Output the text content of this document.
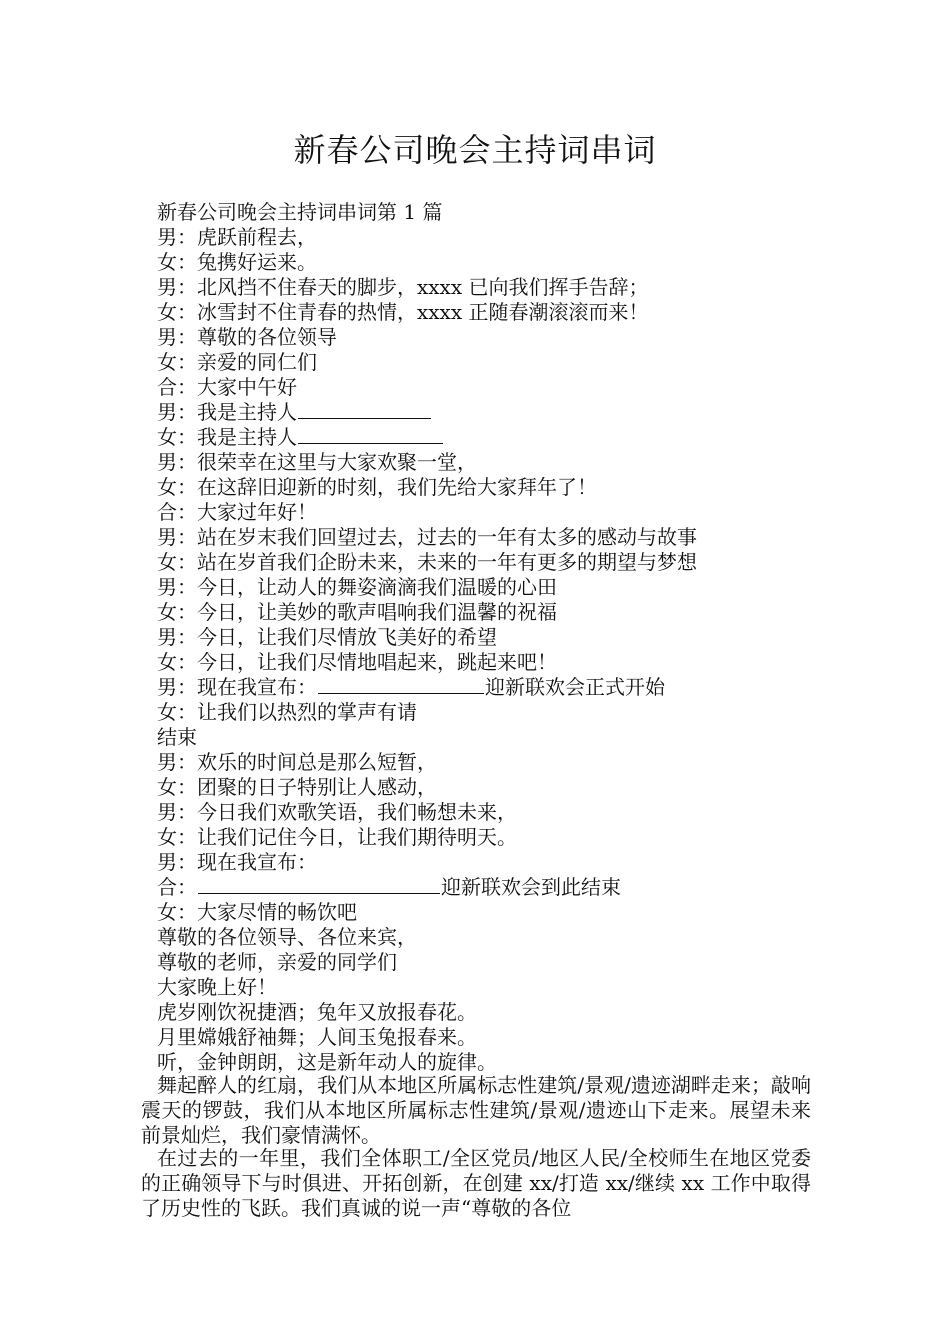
新春公司晚会主持词串词
新春公司晚会主持词串词第 1 篇
男：虎跃前程去，
女：兔携好运来。
男：北风挡不住春天的脚步，xxxx 已向我们挥手告辞；
女：冰雪封不住青春的热情，xxxx 正随春潮滚滚而来！
男：尊敬的各位领导
女：亲爱的同仁们
合：大家中午好
男：我是主持人
女：我是主持人
男：很荣幸在这里与大家欢聚一堂，
女：在这辞旧迎新的时刻，我们先给大家拜年了！
合：大家过年好！
男：站在岁末我们回望过去，过去的一年有太多的感动与故事
女：站在岁首我们企盼未来，未来的一年有更多的期望与梦想
男：今日，让动人的舞姿滴滴我们温暖的心田
女：今日，让美妙的歌声唱响我们温馨的祝福
男：今日，让我们尽情放飞美好的希望
女：今日，让我们尽情地唱起来，跳起来吧！
男：现在我宣布：	迎新联欢会正式开始
女：让我们以热烈的掌声有请
结束
男：欢乐的时间总是那么短暂，
女：团聚的日子特别让人感动，
男：今日我们欢歌笑语，我们畅想未来，
女：让我们记住今日，让我们期待明天。
男：现在我宣布：
合：	迎新联欢会到此结束
女：大家尽情的畅饮吧
尊敬的各位领导、各位来宾，
尊敬的老师，亲爱的同学们
大家晚上好！
虎岁刚饮祝捷酒；兔年又放报春花。
月里嫦娥舒袖舞；人间玉兔报春来。
听，金钟朗朗，这是新年动人的旋律。
舞起醉人的红扇，我们从本地区所属标志性建筑/景观/遗迹湖畔走来；敲响震天的锣鼓，我们从本地区所属标志性建筑/景观/遗迹山下走来。展望未来前景灿烂，我们豪情满怀。
在过去的一年里，我们全体职工/全区党员/地区人民/全校师生在地区党委的正确领导下与时俱进、开拓创新，在创建 xx/打造 xx/继续 xx 工作中取得了历史性的飞跃。我们真诚的说一声“尊敬的各位
